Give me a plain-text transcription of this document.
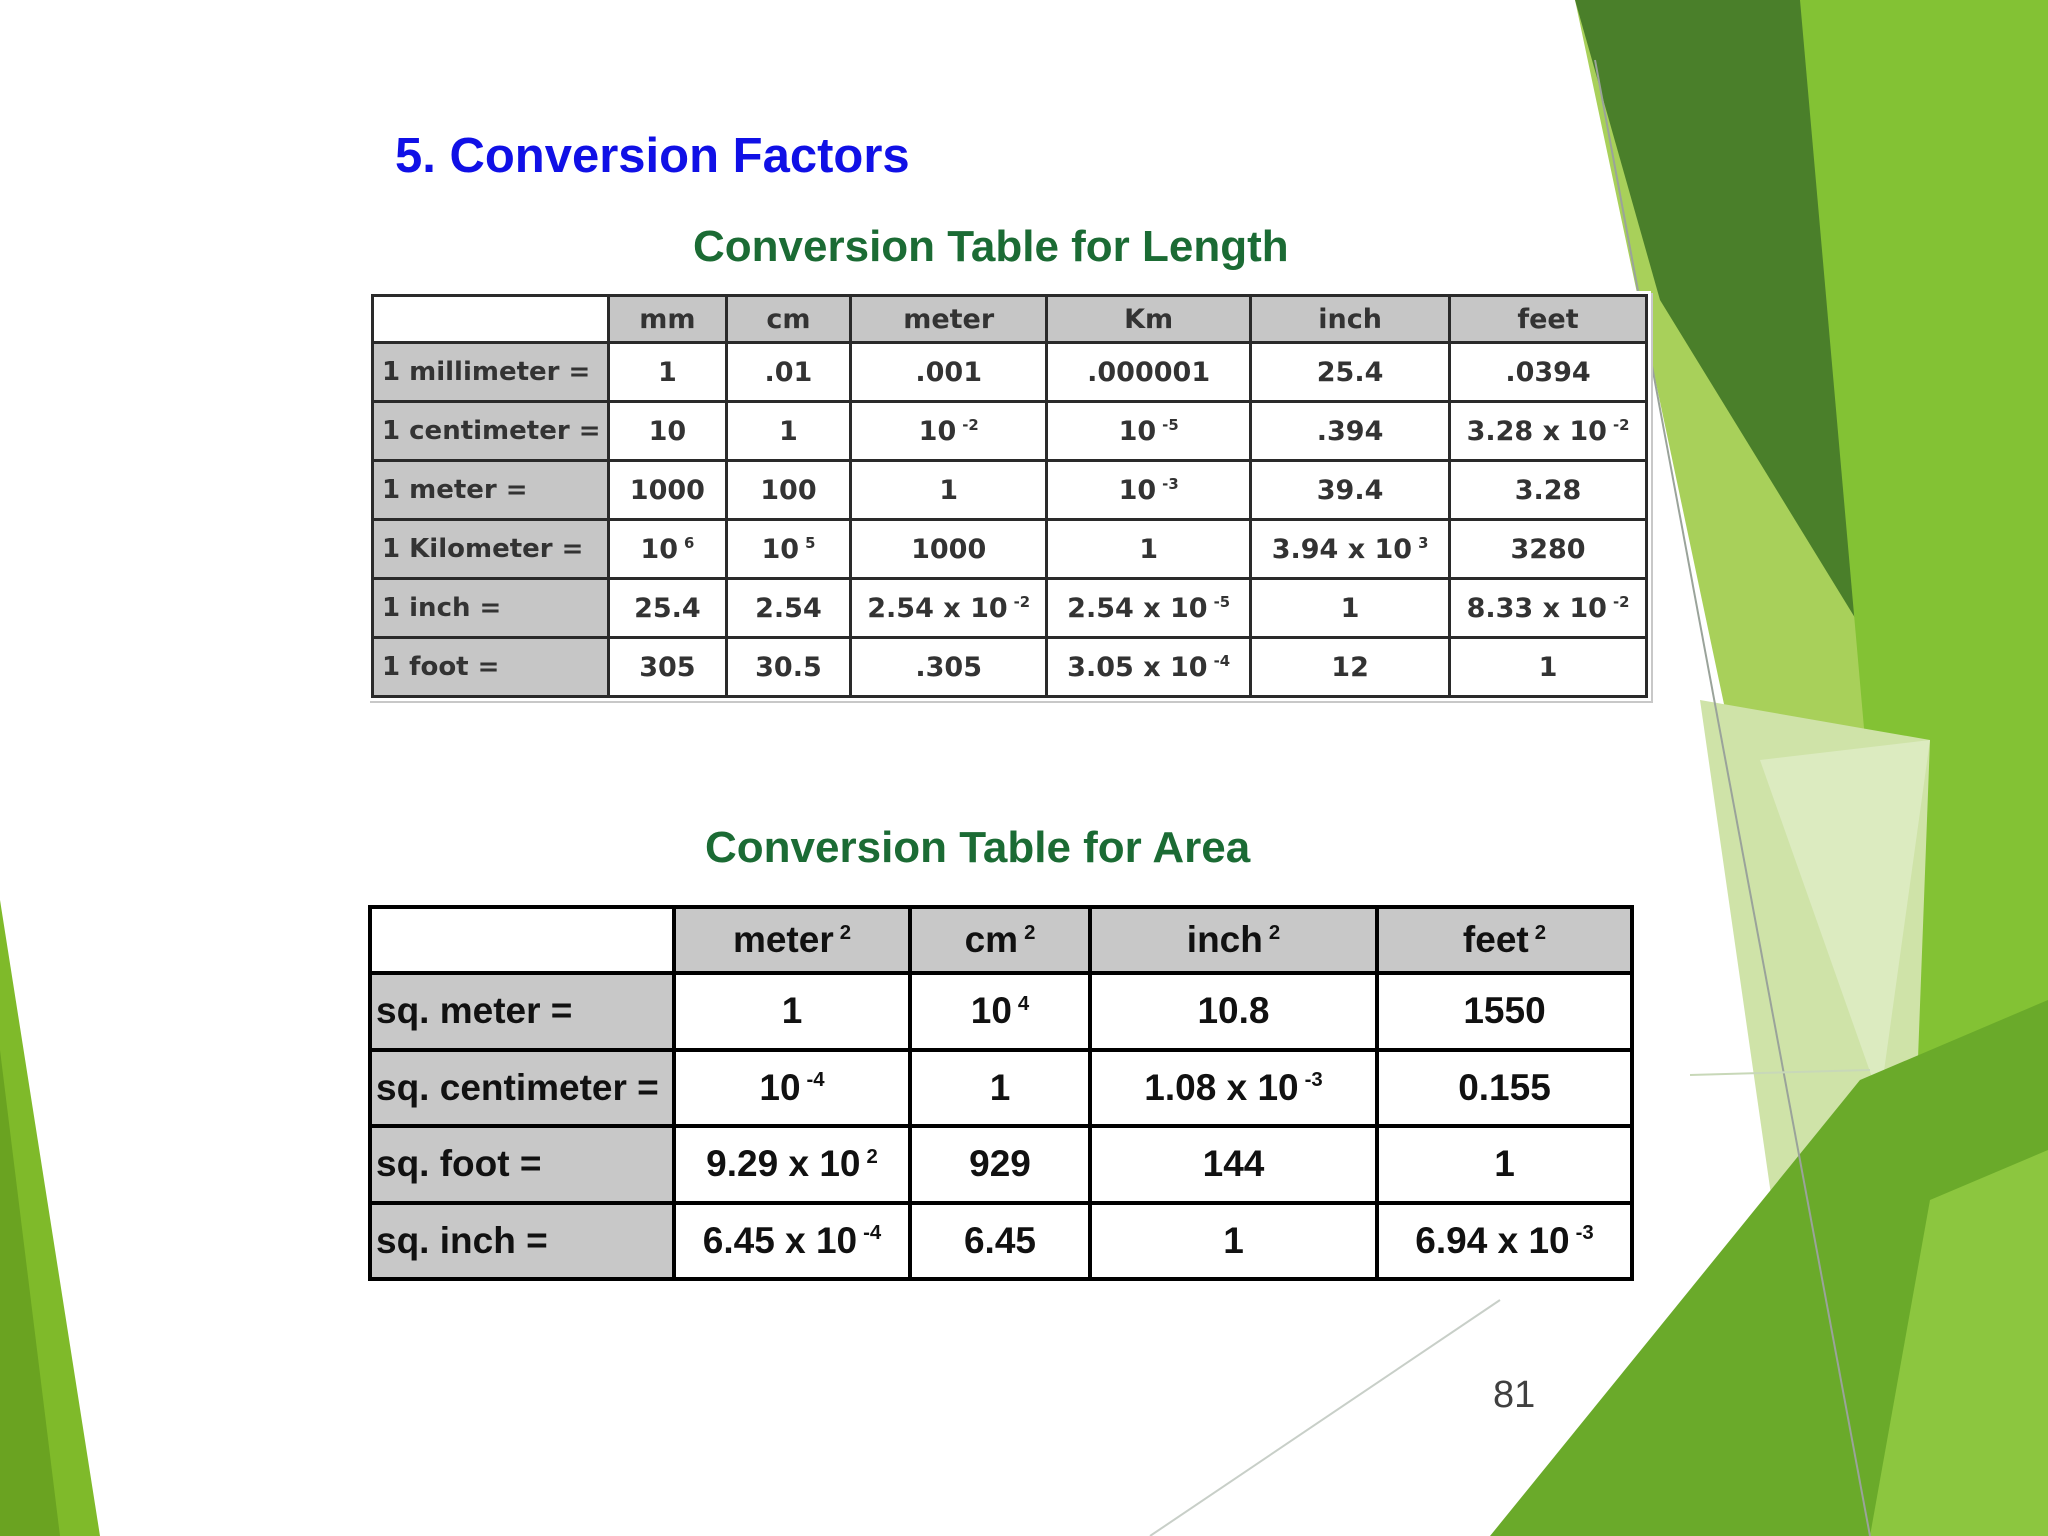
5. Conversion Factors
Conversion Table for Length
	mm	cm	meter	Km	inch	feet
1 millimeter =	1	.01	.001	.000001	25.4	.0394
1 centimeter =	10	1	10 $^{-2}$	10 $^{-5}$	.394	3.28 x 10 $^{-2}$
1 meter =	1000	100	1	10 $^{-3}$	39.4	3.28
1 Kilometer =	10 $^6$	10 $^5$	1000	1	3.94 x 10 $^3$	3280
1 inch =	25.4	2.54	2.54 x 10 $^{-2}$	2.54 x 10 $^{-5}$	1	8.33 x 10 $^{-2}$
1 foot =	305	30.5	.305	3.05 x 10 $^{-4}$	12	1
Conversion Table for Area
	meter $^2$	cm $^2$	inch $^2$	feet $^2$
sq. meter =	1	10 $^4$	10.8	1550
sq. centimeter =	10 $^{-4}$	1	1.08 x 10 $^{-3}$	0.155
sq. foot =	9.29 x 10 $^2$	929	144	1
sq. inch =	6.45 x 10 $^{-4}$	6.45	1	6.94 x 10 $^{-3}$

81
